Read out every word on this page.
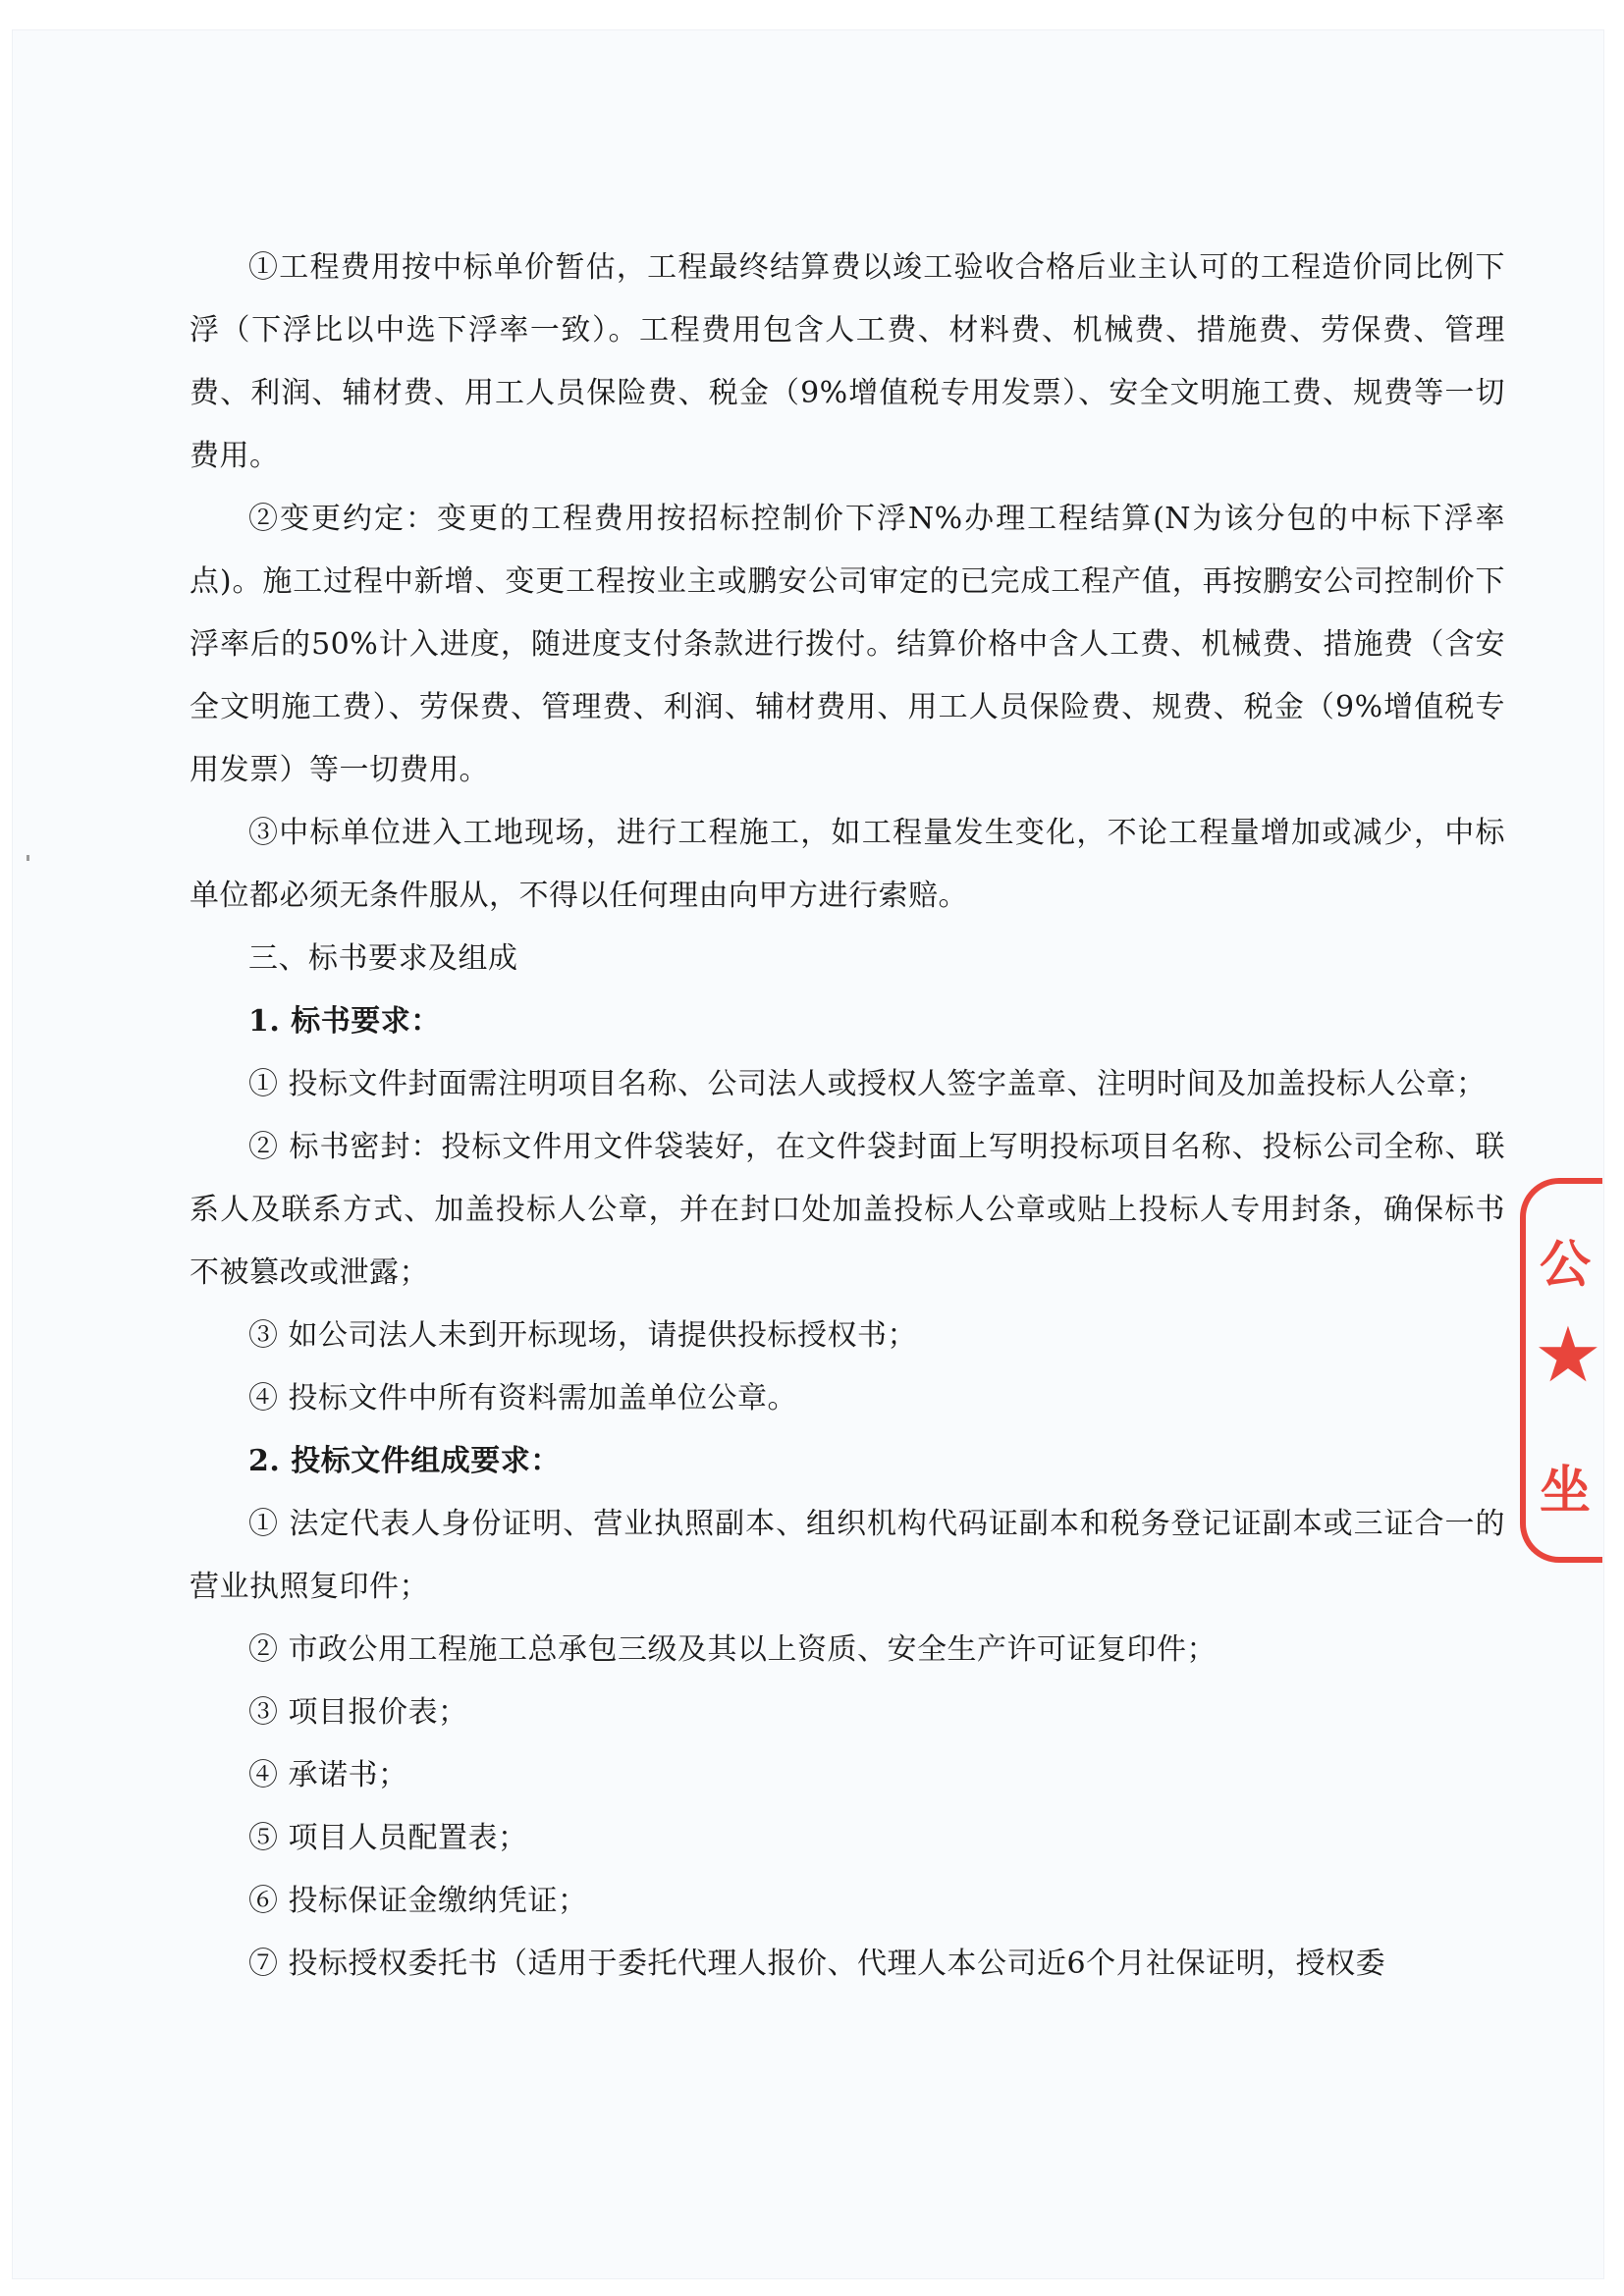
①工程费用按中标单价暂估，工程最终结算费以竣工验收合格后业主认可的工程造价同比例下浮（下浮比以中选下浮率一致）。工程费用包含人工费、材料费、机械费、措施费、劳保费、管理费、利润、辅材费、用工人员保险费、税金（9%增值税专用发票）、安全文明施工费、规费等一切费用。

②变更约定：变更的工程费用按招标控制价下浮N%办理工程结算(N为该分包的中标下浮率点)。施工过程中新增、变更工程按业主或鹏安公司审定的已完成工程产值，再按鹏安公司控制价下浮率后的50%计入进度，随进度支付条款进行拨付。结算价格中含人工费、机械费、措施费（含安全文明施工费）、劳保费、管理费、利润、辅材费用、用工人员保险费、规费、税金（9%增值税专用发票）等一切费用。

③中标单位进入工地现场，进行工程施工，如工程量发生变化，不论工程量增加或减少，中标单位都必须无条件服从，不得以任何理由向甲方进行索赔。

三、标书要求及组成

1. 标书要求：

① 投标文件封面需注明项目名称、公司法人或授权人签字盖章、注明时间及加盖投标人公章；

② 标书密封：投标文件用文件袋装好，在文件袋封面上写明投标项目名称、投标公司全称、联系人及联系方式、加盖投标人公章，并在封口处加盖投标人公章或贴上投标人专用封条，确保标书不被篡改或泄露；

③ 如公司法人未到开标现场，请提供投标授权书；

④ 投标文件中所有资料需加盖单位公章。

2. 投标文件组成要求：

① 法定代表人身份证明、营业执照副本、组织机构代码证副本和税务登记证副本或三证合一的营业执照复印件；

② 市政公用工程施工总承包三级及其以上资质、安全生产许可证复印件；

③ 项目报价表；

④ 承诺书；

⑤ 项目人员配置表；

⑥ 投标保证金缴纳凭证；

⑦ 投标授权委托书（适用于委托代理人报价、代理人本公司近6个月社保证明，授权委

公
★
坐
